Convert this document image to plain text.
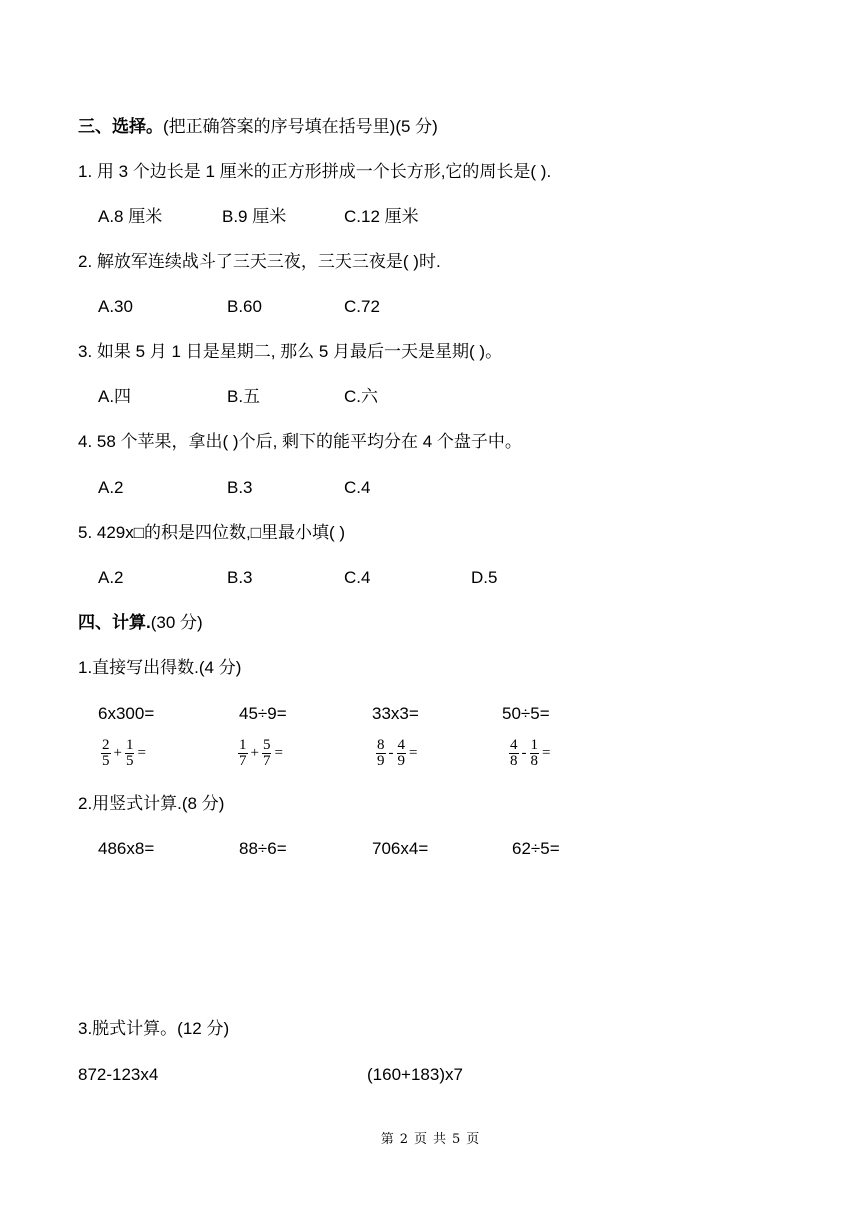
三、选择。(把正确答案的序号填在括号里)(5 分)
1. 用 3 个边长是 1 厘米的正方形拼成一个长方形,它的周长是( ).
A.8 厘米	B.9 厘米	C.12 厘米
2. 解放军连续战斗了三天三夜，三天三夜是( )时.
A.30	B.60	C.72
3. 如果 5 月 1 日是星期二, 那么 5 月最后一天是星期( )。
A.四	B.五	C.六
4. 58 个苹果，拿出( )个后, 剩下的能平均分在 4 个盘子中。
A.2	B.3	C.4
5. 429x□的积是四位数,□里最小填( )
A.2	B.3	C.4	D.5
四、计算.(30 分)
1.直接写出得数.(4 分)
6x300=	45÷9=	33x3=	50÷5=
$\frac{2}{5} + \frac{1}{5}$ =	$\frac{1}{7} + \frac{5}{7}$ =	$\frac{8}{9} - \frac{4}{9}$ =	$\frac{4}{8} - \frac{1}{8}$ =
2.用竖式计算.(8 分)
486x8=	88÷6=	706x4=	62÷5=
3.脱式计算。(12 分)
872-123x4	(160+183)x7
第 2 页 共 5 页
